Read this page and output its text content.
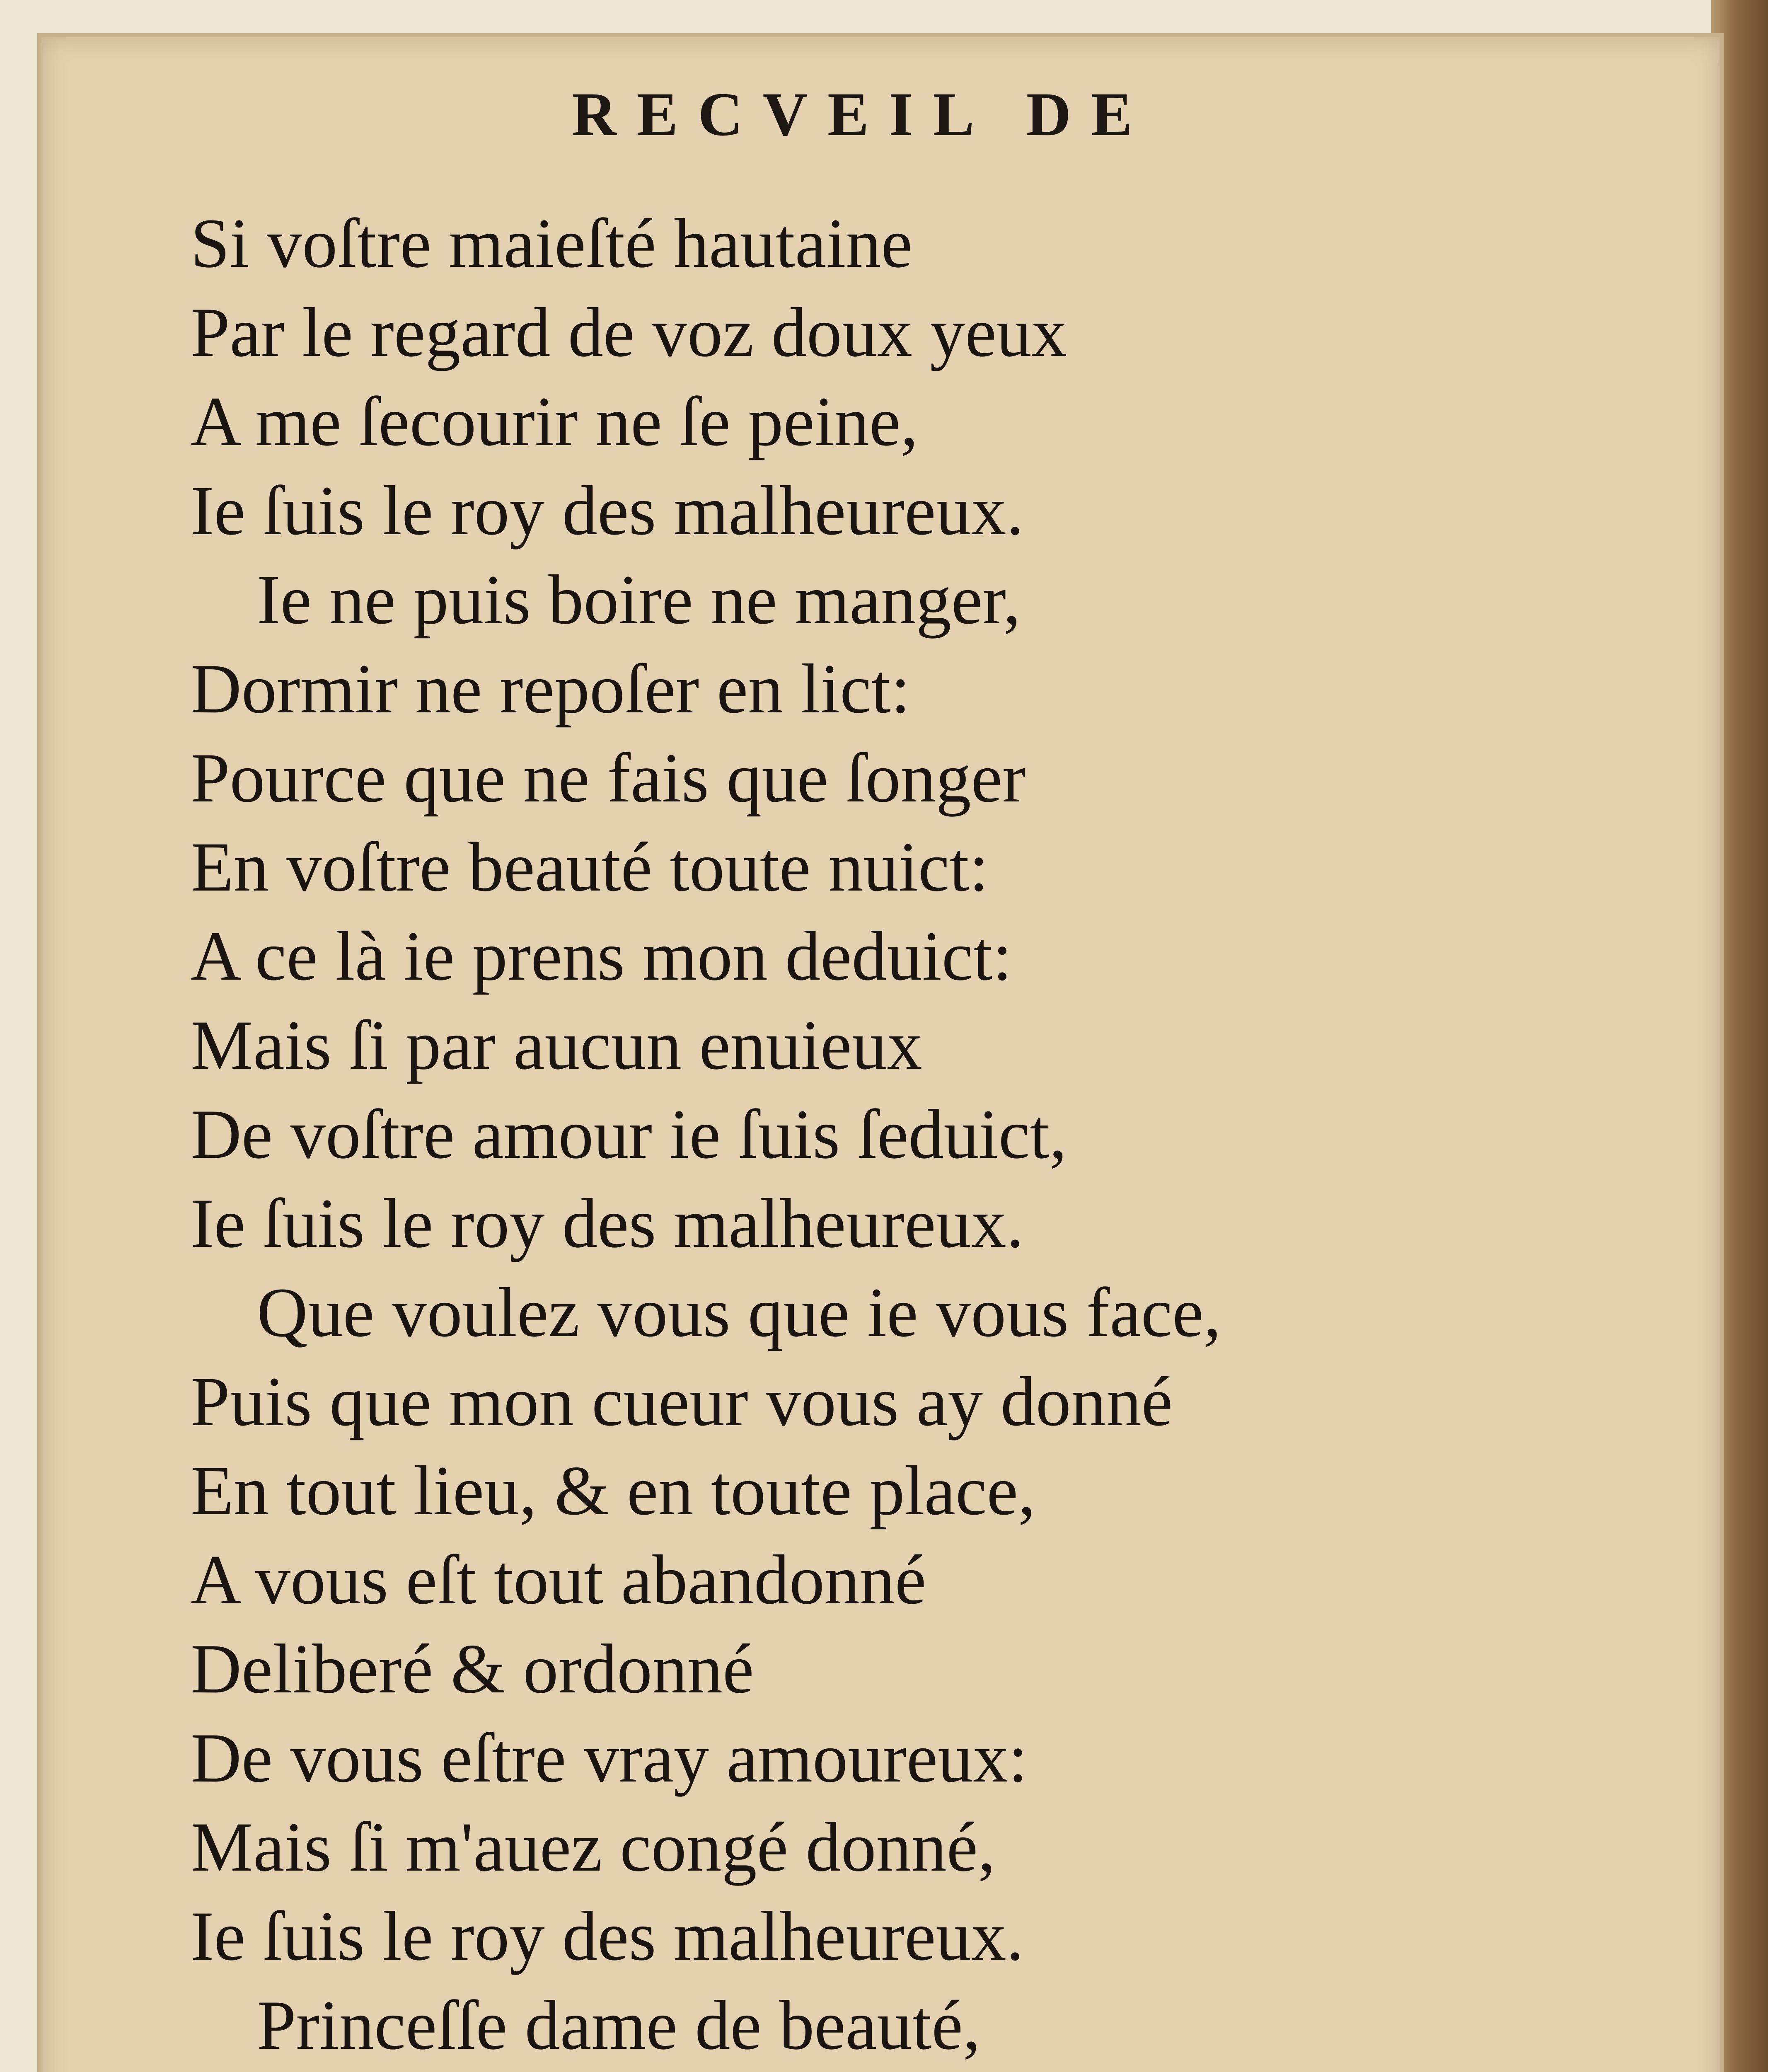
RECVEIL DE
Si voſtre maieſté hautaine
Par le regard de voz doux yeux
A me ſecourir ne ſe peine,
Ie ſuis le roy des malheureux.
Ie ne puis boire ne manger,
Dormir ne repoſer en lict:
Pource que ne fais que ſonger
En voſtre beauté toute nuict:
A ce là ie prens mon deduict:
Mais ſi par aucun enuieux
De voſtre amour ie ſuis ſeduict,
Ie ſuis le roy des malheureux.
Que voulez vous que ie vous face,
Puis que mon cueur vous ay donné
En tout lieu, & en toute place,
A vous eſt tout abandonné
Deliberé & ordonné
De vous eſtre vray amoureux:
Mais ſi m'auez congé donné,
Ie ſuis le roy des malheureux.
Princeſſe dame de beauté,
